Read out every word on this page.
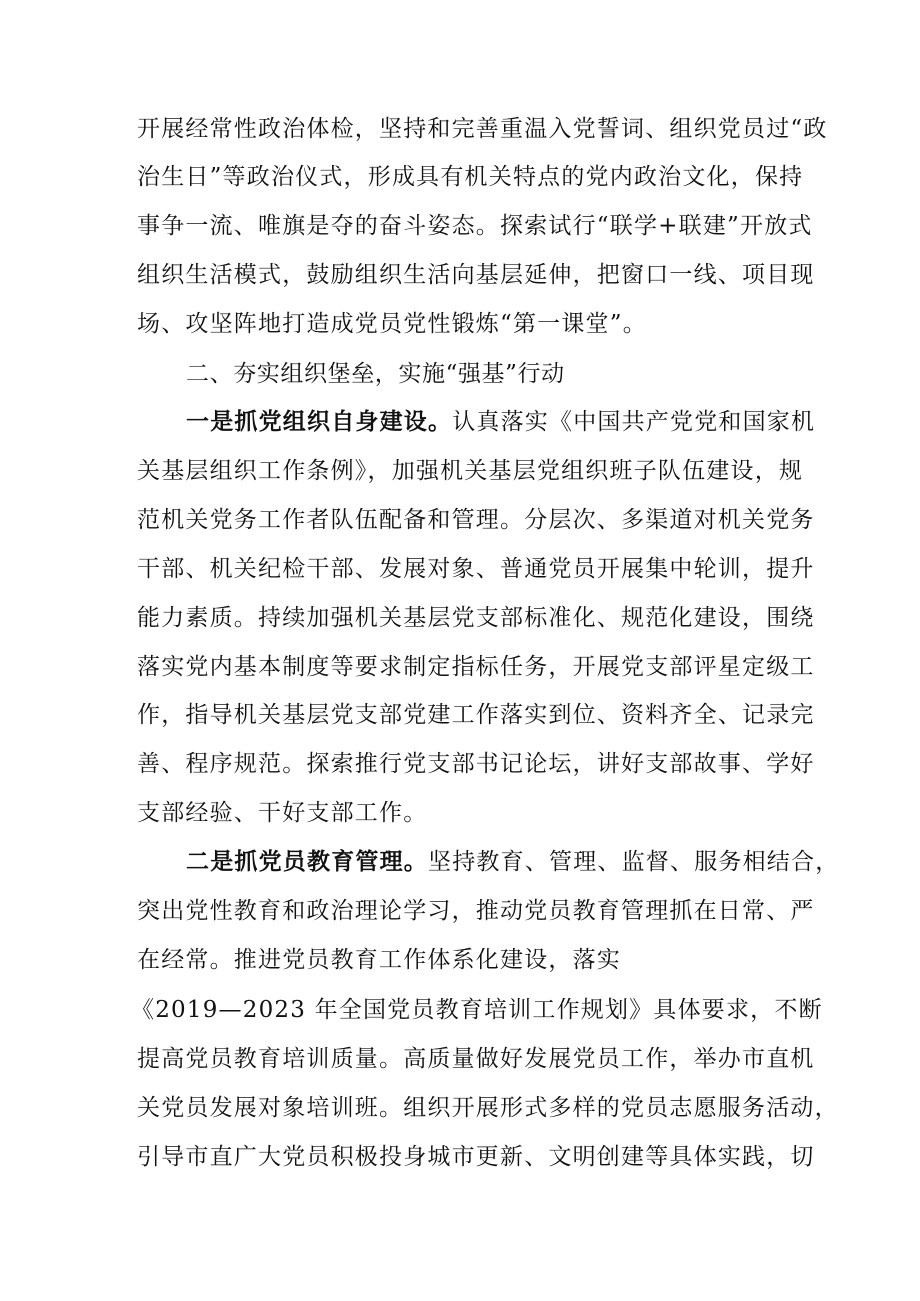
开展经常性政治体检，坚持和完善重温入党誓词、组织党员过“政
治生日”等政治仪式，形成具有机关特点的党内政治文化，保持
事争一流、唯旗是夺的奋斗姿态。探索试行“联学+联建”开放式
组织生活模式，鼓励组织生活向基层延伸，把窗口一线、项目现
场、攻坚阵地打造成党员党性锻炼“第一课堂”。
二、夯实组织堡垒，实施“强基”行动
一是抓党组织自身建设。认真落实《中国共产党党和国家机
关基层组织工作条例》，加强机关基层党组织班子队伍建设，规
范机关党务工作者队伍配备和管理。分层次、多渠道对机关党务
干部、机关纪检干部、发展对象、普通党员开展集中轮训，提升
能力素质。持续加强机关基层党支部标准化、规范化建设，围绕
落实党内基本制度等要求制定指标任务，开展党支部评星定级工
作，指导机关基层党支部党建工作落实到位、资料齐全、记录完
善、程序规范。探索推行党支部书记论坛，讲好支部故事、学好
支部经验、干好支部工作。
二是抓党员教育管理。坚持教育、管理、监督、服务相结合，
突出党性教育和政治理论学习，推动党员教育管理抓在日常、严
在经常。推进党员教育工作体系化建设，落实
《2019—2023 年全国党员教育培训工作规划》具体要求，不断
提高党员教育培训质量。高质量做好发展党员工作，举办市直机
关党员发展对象培训班。组织开展形式多样的党员志愿服务活动，
引导市直广大党员积极投身城市更新、文明创建等具体实践，切
